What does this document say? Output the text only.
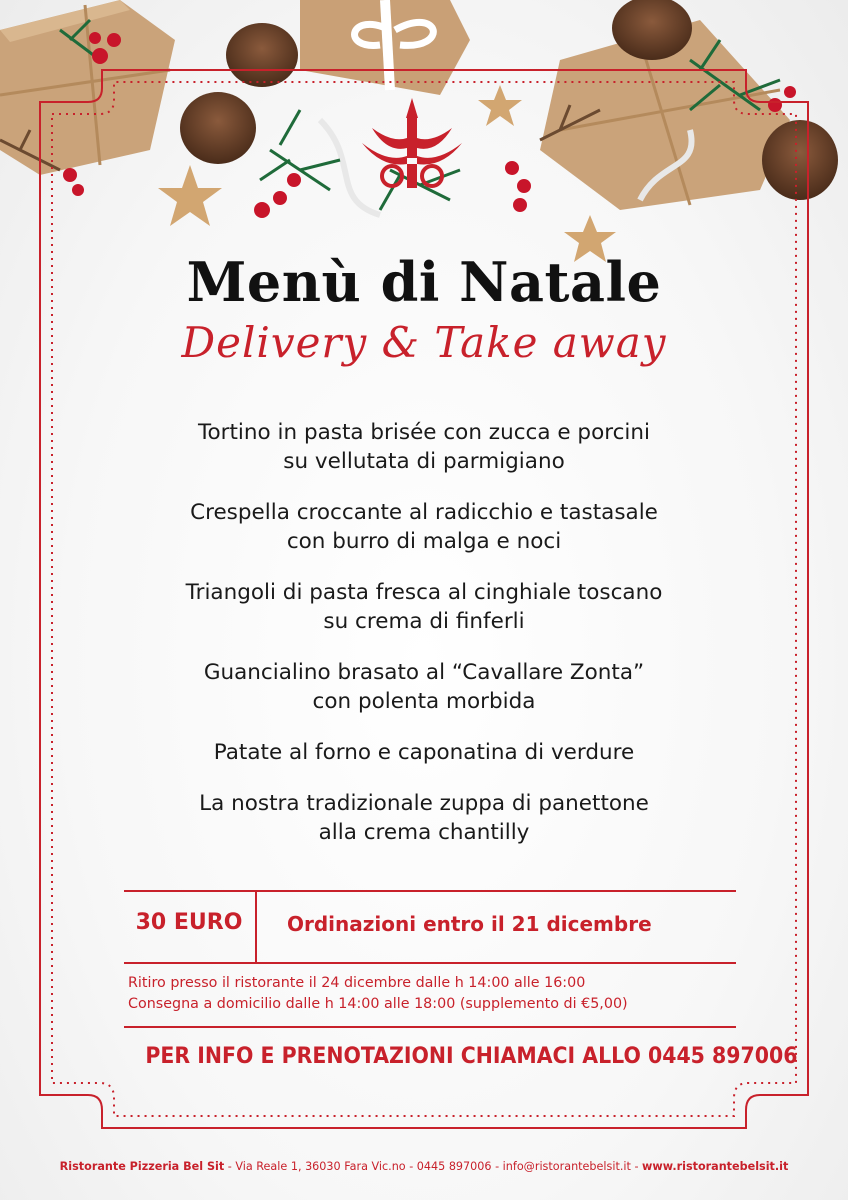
Menù di Natale
Delivery & Take away
Tortino in pasta brisée con zucca e porcini
su vellutata di parmigiano
Crespella croccante al radicchio e tastasale
con burro di malga e noci
Triangoli di pasta fresca al cinghiale toscano
su crema di finferli
Guancialino brasato al “Cavallare Zonta”
con polenta morbida
Patate al forno e caponatina di verdure
La nostra tradizionale zuppa di panettone
alla crema chantilly
30 EURO	Ordinazioni entro il 21 dicembre
Ritiro presso il ristorante il 24 dicembre dalle h 14:00 alle 16:00
Consegna a domicilio dalle h 14:00 alle 18:00 (supplemento di €5,00)
PER INFO E PRENOTAZIONI CHIAMACI ALLO 0445 897006
Ristorante Pizzeria Bel Sit - Via Reale 1, 36030 Fara Vic.no - 0445 897006 - info@ristorantebelsit.it - www.ristorantebelsit.it
